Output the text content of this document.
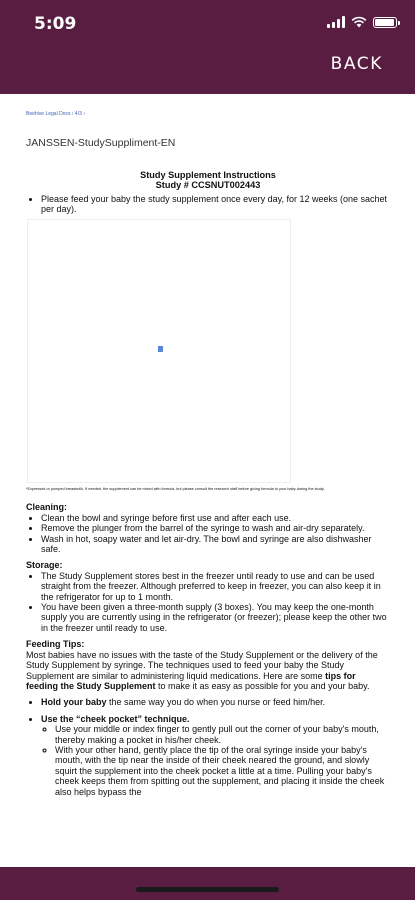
5:09
BACK
Beehive Legal Docs › 4/3 ›
JANSSEN-StudySuppliment-EN
Study Supplement Instructions
Study # CCSNUT002443
• Please feed your baby the study supplement once every day, for 12 weeks (one sachet per day).
*Expressed or pumped breastmilk. If needed, the supplement can be mixed with formula, but please consult the research staff before giving formula to your baby during the study.
Cleaning:
• Clean the bowl and syringe before first use and after each use.
• Remove the plunger from the barrel of the syringe to wash and air-dry separately.
• Wash in hot, soapy water and let air-dry. The bowl and syringe are also dishwasher safe.
Storage:
• The Study Supplement stores best in the freezer until ready to use and can be used straight from the freezer. Although preferred to keep in freezer, you can also keep it in the refrigerator for up to 1 month.
• You have been given a three-month supply (3 boxes). You may keep the one-month supply you are currently using in the refrigerator (or freezer); please keep the other two in the freezer until ready to use.
Feeding Tips:
Most babies have no issues with the taste of the Study Supplement or the delivery of the Study Supplement by syringe. The techniques used to feed your baby the Study Supplement are similar to administering liquid medications. Here are some tips for feeding the Study Supplement to make it as easy as possible for you and your baby.
• Hold your baby the same way you do when you nurse or feed him/her.
• Use the “cheek pocket” technique.
◦ Use your middle or index finger to gently pull out the corner of your baby's mouth, thereby making a pocket in his/her cheek.
◦ With your other hand, gently place the tip of the oral syringe inside your baby's mouth, with the tip near the inside of their cheek neared the ground, and slowly squirt the supplement into the cheek pocket a little at a time. Pulling your baby's cheek keeps them from spitting out the supplement, and placing it inside the cheek also helps bypass the
